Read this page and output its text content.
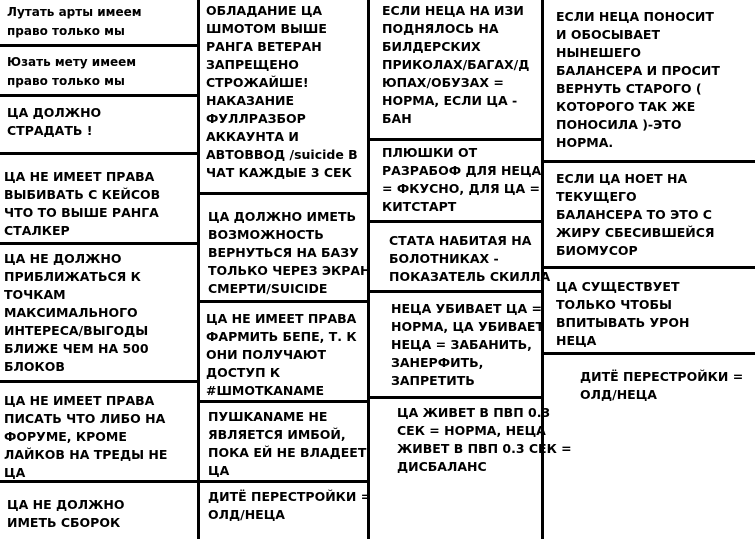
Лутать арты имеем
право только мы
Юзать мету имеем
право только мы
ЦА ДОЛЖНО
СТРАДАТЬ !
ЦА НЕ ИМЕЕТ ПРАВА
ВЫБИВАТЬ С КЕЙСОВ
ЧТО ТО ВЫШЕ РАНГА
СТАЛКЕР
ЦА НЕ ДОЛЖНО
ПРИБЛИЖАТЬСЯ К
ТОЧКАМ
МАКСИМАЛЬНОГО
ИНТЕРЕСА/ВЫГОДЫ
БЛИЖЕ ЧЕМ НА 500
БЛОКОВ
ЦА НЕ ИМЕЕТ ПРАВА
ПИСАТЬ ЧТО ЛИБО НА
ФОРУМЕ, КРОМЕ
ЛАЙКОВ НА ТРЕДЫ НЕ
ЦА
ЦА НЕ ДОЛЖНО
ИМЕТЬ СБОРОК
ОБЛАДАНИЕ ЦА
ШМОТОМ ВЫШЕ
РАНГА ВЕТЕРАН
ЗАПРЕЩЕНО
СТРОЖАЙШЕ!
НАКАЗАНИЕ
ФУЛЛРАЗБОР
АККАУНТА И
АВТОВВОД /suicide В
ЧАТ КАЖДЫЕ 3 СЕК
ЦА ДОЛЖНО ИМЕТЬ
ВОЗМОЖНОСТЬ
ВЕРНУТЬСЯ НА БАЗУ
ТОЛЬКО ЧЕРЕЗ ЭКРАН
СМЕРТИ/SUICIDE
ЦА НЕ ИМЕЕТ ПРАВА
ФАРМИТЬ БЕПЕ, Т. К
ОНИ ПОЛУЧАЮТ
ДОСТУП К
#ШМОТKANAME
ПУШKANAME НЕ
ЯВЛЯЕТСЯ ИМБОЙ,
ПОКА ЕЙ НЕ ВЛАДЕЕТ
ЦА
ДИТЁ ПЕРЕСТРОЙКИ =
ОЛД/НЕЦА
ЕСЛИ НЕЦА НА ИЗИ
ПОДНЯЛОСЬ НА
БИЛДЕРСКИХ
ПРИКОЛАХ/БАГАХ/Д
ЮПАХ/ОБУЗАХ =
НОРМА, ЕСЛИ ЦА -
БАН
ПЛЮШКИ ОТ
РАЗРАБОФ ДЛЯ НЕЦА
= ФКУСНО, ДЛЯ ЦА =
КИТСТАРТ
СТАТА НАБИТАЯ НА
БОЛОТНИКАХ -
ПОКАЗАТЕЛЬ СКИЛЛА
НЕЦА УБИВАЕТ ЦА =
НОРМА, ЦА УБИВАЕТ
НЕЦА = ЗАБАНИТЬ,
ЗАНЕРФИТЬ,
ЗАПРЕТИТЬ
ЦА ЖИВЕТ В ПВП 0.3
СЕК = НОРМА, НЕЦА
ЖИВЕТ В ПВП 0.3 СЕК =
ДИСБАЛАНС
ЕСЛИ НЕЦА ПОНОСИТ
И ОБОСЫВАЕТ
НЫНЕШЕГО
БАЛАНСЕРА И ПРОСИТ
ВЕРНУТЬ СТАРОГО (
КОТОРОГО ТАК ЖЕ
ПОНОСИЛА )-ЭТО
НОРМА.
ЕСЛИ ЦА НОЕТ НА
ТЕКУЩЕГО
БАЛАНСЕРА ТО ЭТО С
ЖИРУ СБЕСИВШЕЙСЯ
БИОМУСОР
ЦА СУЩЕСТВУЕТ
ТОЛЬКО ЧТОБЫ
ВПИТЫВАТЬ УРОН
НЕЦА
ДИТЁ ПЕРЕСТРОЙКИ =
ОЛД/НЕЦА
